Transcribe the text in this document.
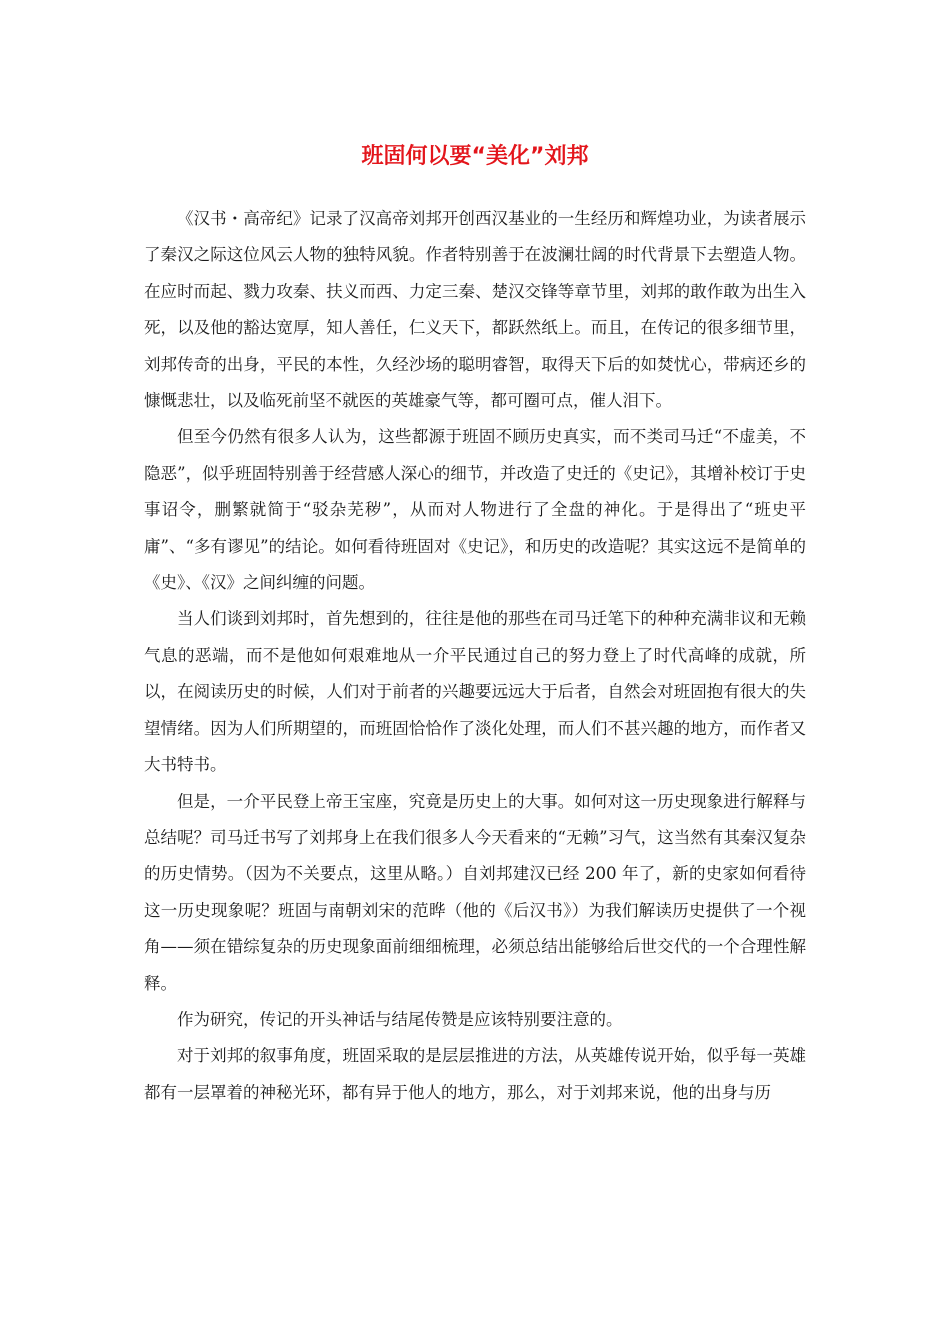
班固何以要“美化”刘邦

《汉书・高帝纪》记录了汉高帝刘邦开创西汉基业的一生经历和辉煌功业，为读者展示了秦汉之际这位风云人物的独特风貌。作者特别善于在波澜壮阔的时代背景下去塑造人物。在应时而起、戮力攻秦、扶义而西、力定三秦、楚汉交锋等章节里，刘邦的敢作敢为出生入死，以及他的豁达宽厚，知人善任，仁义天下，都跃然纸上。而且，在传记的很多细节里，刘邦传奇的出身，平民的本性，久经沙场的聪明睿智，取得天下后的如焚忧心，带病还乡的慷慨悲壮，以及临死前坚不就医的英雄豪气等，都可圈可点，催人泪下。

但至今仍然有很多人认为，这些都源于班固不顾历史真实，而不类司马迁“不虚美，不隐恶”，似乎班固特别善于经营感人深心的细节，并改造了史迁的《史记》，其增补校订于史事诏令，删繁就简于“驳杂芜秽”，从而对人物进行了全盘的神化。于是得出了“班史平庸”、“多有谬见”的结论。如何看待班固对《史记》，和历史的改造呢？其实这远不是简单的《史》、《汉》之间纠缠的问题。

当人们谈到刘邦时，首先想到的，往往是他的那些在司马迁笔下的种种充满非议和无赖气息的恶端，而不是他如何艰难地从一介平民通过自己的努力登上了时代高峰的成就，所以，在阅读历史的时候，人们对于前者的兴趣要远远大于后者，自然会对班固抱有很大的失望情绪。因为人们所期望的，而班固恰恰作了淡化处理，而人们不甚兴趣的地方，而作者又大书特书。

但是，一介平民登上帝王宝座，究竟是历史上的大事。如何对这一历史现象进行解释与总结呢？司马迁书写了刘邦身上在我们很多人今天看来的“无赖”习气，这当然有其秦汉复杂的历史情势。（因为不关要点，这里从略。）自刘邦建汉已经 200 年了，新的史家如何看待这一历史现象呢？班固与南朝刘宋的范晔（他的《后汉书》）为我们解读历史提供了一个视角——须在错综复杂的历史现象面前细细梳理，必须总结出能够给后世交代的一个合理性解释。

作为研究，传记的开头神话与结尾传赞是应该特别要注意的。

对于刘邦的叙事角度，班固采取的是层层推进的方法，从英雄传说开始，似乎每一英雄都有一层罩着的神秘光环，都有异于他人的地方，那么，对于刘邦来说，他的出身与历
